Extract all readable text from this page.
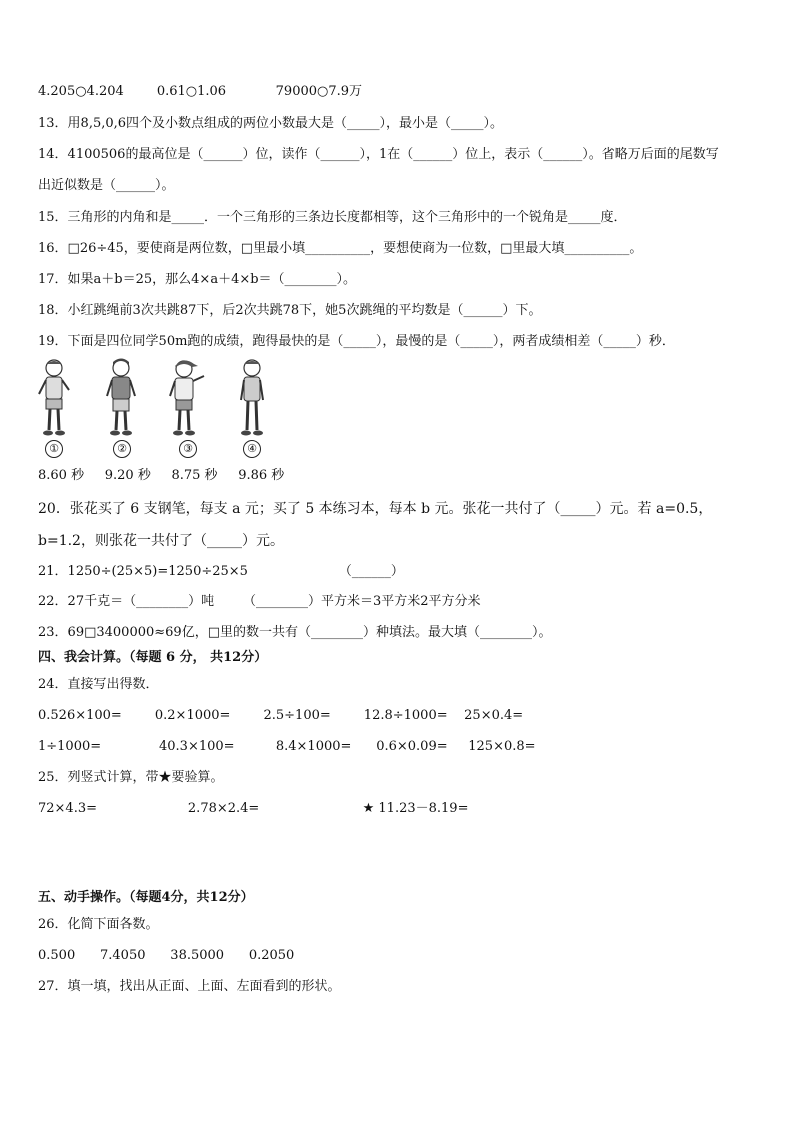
4.205○4.204        0.61○1.06            79000○7.9万
13．用8,5,0,6四个及小数点组成的两位小数最大是（_____），最小是（_____）。
14．4100506的最高位是（______）位，读作（______），1在（______）位上，表示（______）。省略万后面的尾数写
出近似数是（______）。
15．三角形的内角和是_____．一个三角形的三条边长度都相等，这个三角形中的一个锐角是_____度．
16．□26÷45，要使商是两位数，□里最小填__________，要想使商为一位数，□里最大填__________。
17．如果a＋b＝25，那么4×a＋4×b＝（________）。
18．小红跳绳前3次共跳87下，后2次共跳78下，她5次跳绳的平均数是（______）下。
19．下面是四位同学50m跑的成绩，跑得最快的是（_____），最慢的是（_____），两者成绩相差（_____）秒．
①	②	③	④
8.60 秒     9.20 秒     8.75 秒     9.86 秒
20．张花买了 6 支钢笔，每支 a 元；买了 5 本练习本，每本 b 元。张花一共付了（_____）元。若 a=0.5，
b=1.2，则张花一共付了（_____）元。
21．1250÷(25×5)=1250÷25×5                      （______）
22．27千克＝（________）吨       （________）平方米＝3平方米2平方分米
23．69□3400000≈69亿，□里的数一共有（________）种填法。最大填（________）。
四、我会计算。（每题 6 分， 共12分）
24．直接写出得数．
0.526×100=        0.2×1000=        2.5÷100=        12.8÷1000=    25×0.4=
1÷1000=              40.3×100=          8.4×1000=      0.6×0.09=     125×0.8=
25．列竖式计算，带★要验算。
72×4.3=                      2.78×2.4=                         ★ 11.23－8.19=
五、动手操作。（每题4分，共12分）
26．化简下面各数。
0.500      7.4050      38.5000      0.2050
27．填一填，找出从正面、上面、左面看到的形状。
